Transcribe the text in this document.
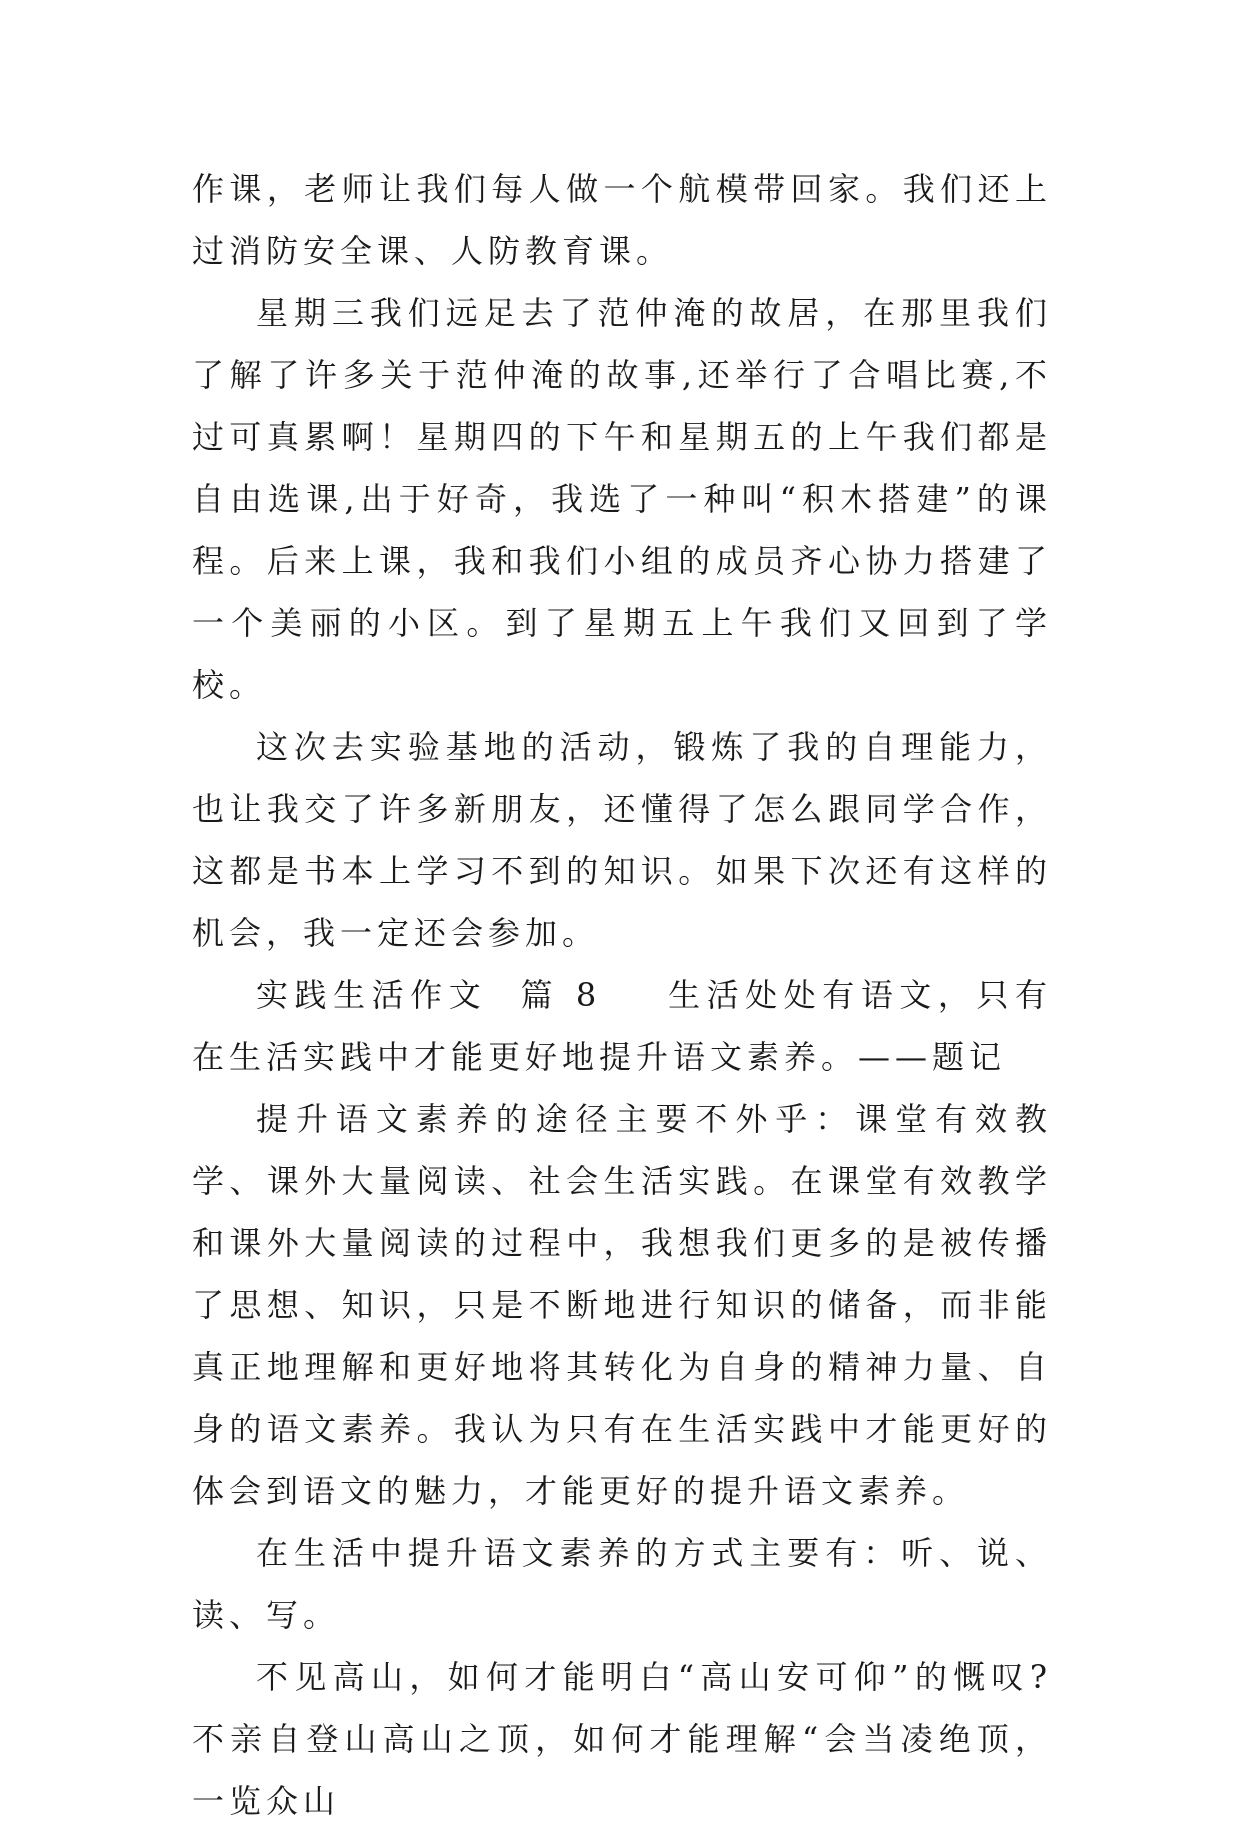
作课，老师让我们每人做一个航模带回家。我们还上过消防安全课、人防教育课。

星期三我们远足去了范仲淹的故居，在那里我们了解了许多关于范仲淹的故事,还举行了合唱比赛,不过可真累啊！星期四的下午和星期五的上午我们都是自由选课,出于好奇，我选了一种叫“积木搭建”的课程。后来上课，我和我们小组的成员齐心协力搭建了一个美丽的小区。到了星期五上午我们又回到了学校。

这次去实验基地的活动，锻炼了我的自理能力，也让我交了许多新朋友，还懂得了怎么跟同学合作，这都是书本上学习不到的知识。如果下次还有这样的机会，我一定还会参加。

实践生活作文  篇 8    生活处处有语文，只有在生活实践中才能更好地提升语文素养。——题记

提升语文素养的途径主要不外乎：课堂有效教学、课外大量阅读、社会生活实践。在课堂有效教学和课外大量阅读的过程中，我想我们更多的是被传播了思想、知识，只是不断地进行知识的储备，而非能真正地理解和更好地将其转化为自身的精神力量、自身的语文素养。我认为只有在生活实践中才能更好的体会到语文的魅力，才能更好的提升语文素养。

在生活中提升语文素养的方式主要有：听、说、读、写。

不见高山，如何才能明白“高山安可仰”的慨叹?不亲自登山高山之顶，如何才能理解“会当凌绝顶，一览众山
